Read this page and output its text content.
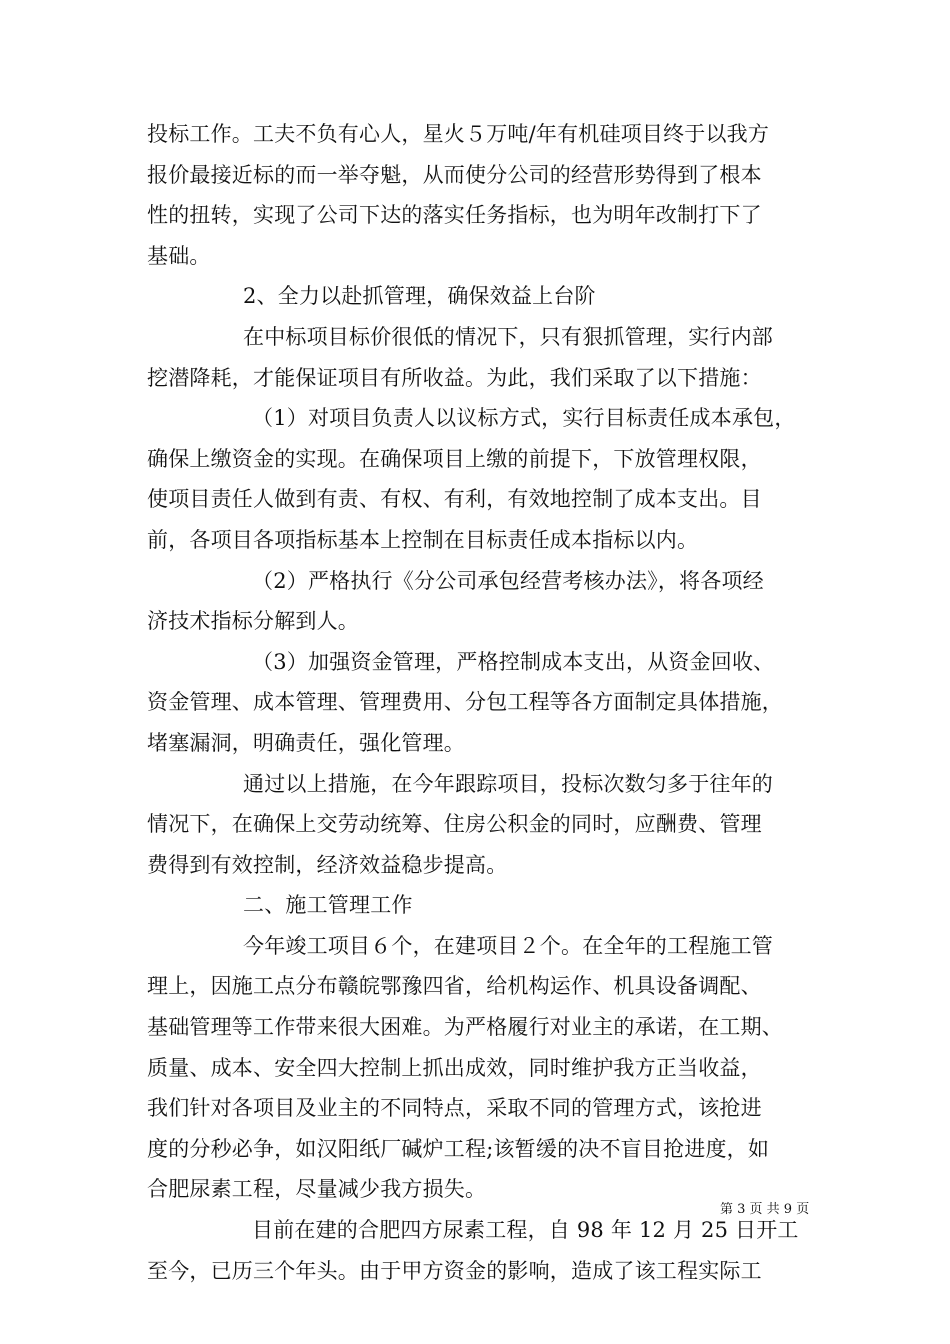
投标工作。工夫不负有心人，星火５万吨/年有机硅项目终于以我方
报价最接近标的而一举夺魁，从而使分公司的经营形势得到了根本
性的扭转，实现了公司下达的落实任务指标，也为明年改制打下了
基础。
2、全力以赴抓管理，确保效益上台阶
在中标项目标价很低的情况下，只有狠抓管理，实行内部
挖潜降耗，才能保证项目有所收益。为此，我们采取了以下措施：
（1）对项目负责人以议标方式，实行目标责任成本承包，
确保上缴资金的实现。在确保项目上缴的前提下，下放管理权限，
使项目责任人做到有责、有权、有利，有效地控制了成本支出。目
前，各项目各项指标基本上控制在目标责任成本指标以内。
（2）严格执行《分公司承包经营考核办法》，将各项经
济技术指标分解到人。
（3）加强资金管理，严格控制成本支出，从资金回收、
资金管理、成本管理、管理费用、分包工程等各方面制定具体措施，
堵塞漏洞，明确责任，强化管理。
通过以上措施，在今年跟踪项目，投标次数匀多于往年的
情况下，在确保上交劳动统筹、住房公积金的同时，应酬费、管理
费得到有效控制，经济效益稳步提高。
二、施工管理工作
今年竣工项目６个，在建项目２个。在全年的工程施工管
理上，因施工点分布赣皖鄂豫四省，给机构运作、机具设备调配、
基础管理等工作带来很大困难。为严格履行对业主的承诺，在工期、
质量、成本、安全四大控制上抓出成效，同时维护我方正当收益，
我们针对各项目及业主的不同特点，采取不同的管理方式，该抢进
度的分秒必争，如汉阳纸厂碱炉工程;该暂缓的决不盲目抢进度，如
合肥尿素工程，尽量减少我方损失。
目前在建的合肥四方尿素工程，自 98 年 12 月 25 日开工
至今，已历三个年头。由于甲方资金的影响，造成了该工程实际工
第 3 页 共 9 页
